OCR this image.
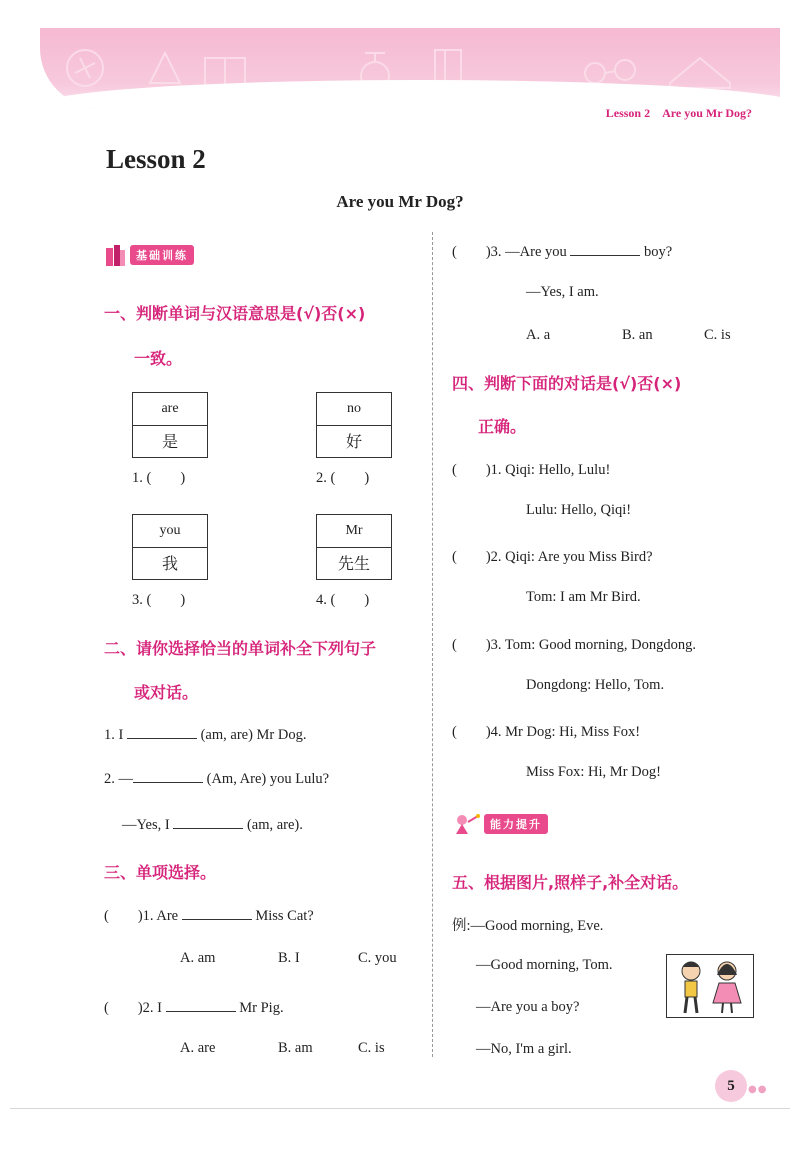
Lesson 2　Are you Mr Dog?
Lesson 2
Are you Mr Dog?
基础训练
一、判断单词与汉语意思是(√)否(×)
一致。
are
是
1. (　　)
no
好
2. (　　)
you
我
3. (　　)
Mr
先生
4. (　　)
二、请你选择恰当的单词补全下列句子
或对话。
1. I	(am, are) Mr Dog.
2. —	(Am, Are) you Lulu?
—Yes, I	(am, are).
三、单项选择。
(　　)1. Are	Miss Cat?
A. am	B. I	C. you
(　　)2. I	Mr Pig.
A. are	B. am	C. is
(　　)3. —Are you	boy?
—Yes, I am.
A. a	B. an	C. is
四、判断下面的对话是(√)否(×)
正确。
(　　)1. Qiqi: Hello, Lulu!
Lulu: Hello, Qiqi!
(　　)2. Qiqi: Are you Miss Bird?
Tom: I am Mr Bird.
(　　)3. Tom: Good morning, Dongdong.
Dongdong: Hello, Tom.
(　　)4. Mr Dog: Hi, Miss Fox!
Miss Fox: Hi, Mr Dog!
能力提升
五、根据图片,照样子,补全对话。
例:—Good morning, Eve.
—Good morning, Tom.
—Are you a boy?
—No, I'm a girl.
5	●●
